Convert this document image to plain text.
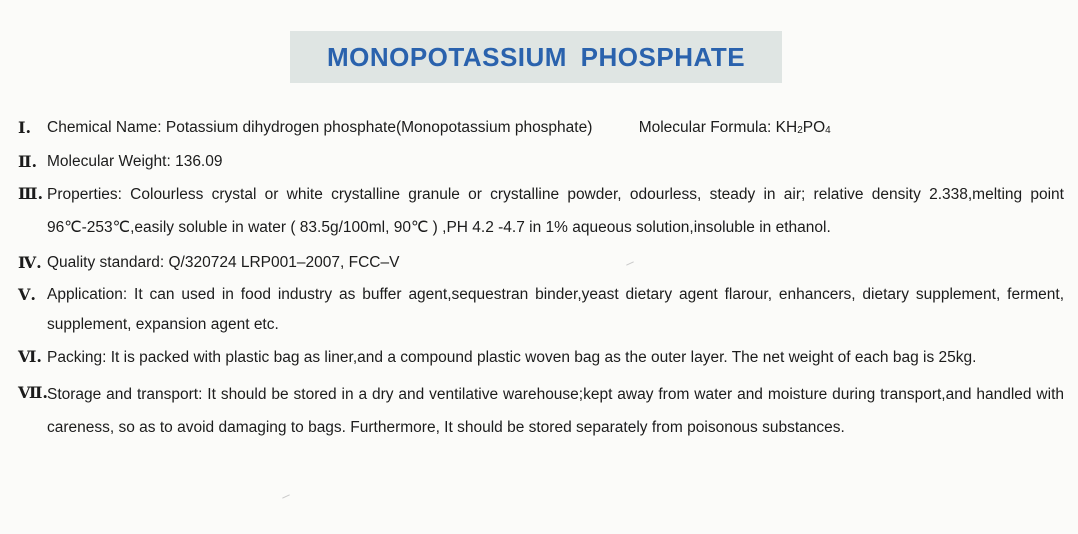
MONOPOTASSIUM PHOSPHATE
Ⅰ.	Chemical Name: Potassium dihydrogen phosphate(Monopotassium phosphate)	Molecular Formula: KH2PO4
Ⅱ. Molecular Weight: 136.09
Ⅲ. Properties: Colourless crystal or white crystalline granule or crystalline powder, odourless, steady in air; relative density 2.338,melting point 96℃-253℃,easily soluble in water ( 83.5g/100ml, 90℃ ) ,PH 4.2 -4.7 in 1% aqueous solution,insoluble in ethanol.
Ⅳ. Quality standard: Q/320724 LRP001–2007, FCC–V
Ⅴ. Application: It can used in food industry as buffer agent,sequestran binder,yeast dietary agent flarour, enhancers, dietary supplement, ferment, supplement, expansion agent etc.
Ⅵ. Packing: It is packed with plastic bag as liner,and a compound plastic woven bag as the outer layer. The net weight of each bag is 25kg.
Ⅶ. Storage and transport: It should be stored in a dry and ventilative warehouse;kept away from water and moisture during transport,and handled with careness, so as to avoid damaging to bags. Furthermore, It should be stored separately from poisonous substances.
